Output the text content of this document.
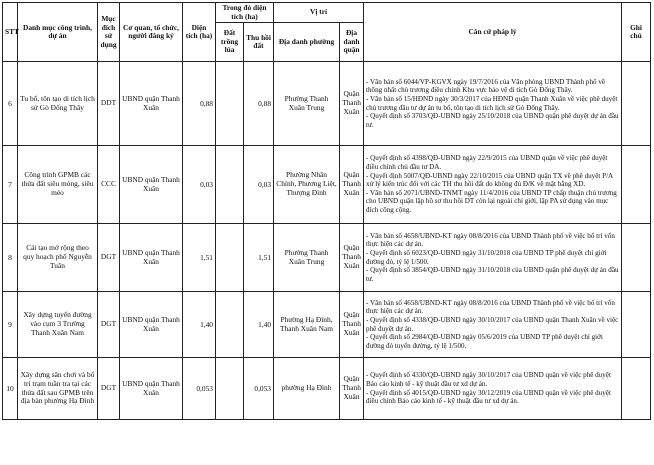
STT	Danh mục công trình, dự án	Mục đích sử dụng	Cơ quan, tổ chức, người đăng ký	Diện tích (ha)	Trong đó diện tích (ha)		Vị trí		Căn cứ pháp lý	Ghi chú
					Đất trồng lúa	Thu hồi đất	Địa danh phường	Địa danh quận		

6	Tu bổ, tôn tạo di tích lịch sử Gò Đống Thây	DDT	UBND quận Thanh Xuân	0,88		0,88	Phường Thanh Xuân Trung	Quận Thanh Xuân	- Văn bản số 6044/VP-KGVX ngày 19/7/2016 của Văn phòng UBND Thành phố về thông nhất chủ trương điều chỉnh Khu vực bảo vệ di tích Gò Đống Thây.
- Văn bản số 15/HĐND ngày 30/3/2017 của HĐND quận Thanh Xuân về việc phê duyệt chủ trương đầu tư dự án tu bổ, tôn tạo di tích lịch sử Gò Đống Thây.
- Quyết định số 3703/QĐ-UBND ngày 25/10/2018 của UBND quận phê duyệt dự án đầu tư.	

7	Công trình GPMB các thửa đất siêu mỏng, siêu méo	CCC	UBND quận Thanh Xuân	0,03		0,03	Phường Nhân Chính, Phương Liệt, Thượng Đình	Quận Thanh Xuân	- Quyết định số 4398/QĐ-UBND ngày 22/9/2015 của UBND quận về việc phê duyệt điều chỉnh chủ đầu tư DA.
- Quyết định 5007/QĐ-UBND ngày 22/10/2015 của UBND quận TX về phê duyệt P/A xử lý kiến trúc đối với các TH thu hồi đất do không đủ Đ/K về mặt bằng XD.
- Văn bản số 2071/UBND-TNMT ngày 11/4/2016 của UBND TP chấp thuận chủ trương cho UBND quận lập hồ sơ thu hồi DT còn lại ngoài chỉ giới, lập PA sử dụng vào mục đích công cộng.	

8	Cải tạo mở rộng theo quy hoạch phố Nguyễn Tuân	DGT	UBND quận Thanh Xuân	1,51		1,51	Phường Thanh Xuân Trung	Quận Thanh Xuân	- Văn bản số 4658/UBND-KT ngày 08/8/2016 của UBND Thành phố về việc bố trí vốn thực hiện các dự án.
- Quyết định số 6023/QĐ-UBND ngày 31/10/2018 của UBND TP phê duyệt chỉ giới đường đỏ, tỷ lệ 1/500.
- Quyết định số 3854/QĐ-UBND ngày 31/10/2018 của UBND quận phê duyệt dự án đầu tư.	

9	Xây dựng tuyến đường vào cụm 3 Trường Thanh Xuân Nam	DGT	UBND quận Thanh Xuân	1,40		1,40	Phường Hạ Đình, Thanh Xuân Nam	Quận Thanh Xuân	- Văn bản số 4658/UBND-KT ngày 08/8/2016 của UBND Thành phố về việc bố trí vốn thực hiện các dự án.
- Quyết định số 4338/QĐ-UBND ngày 30/10/2017 của UBND quận Thanh Xuân về việc phê duyệt dự án.
- Quyết định số 2984/QĐ-UBND ngày 05/6/2019 của UBND TP phê duyệt chỉ giới đường đỏ tuyến đường, tỷ lệ 1/500.	

10	Xây dựng sân chơi và bố trí trạm tuần tra tại các thửa đất sau GPMB trên địa bàn phường Hạ Đình	DGT	UBND quận Thanh Xuân	0,053		0,053	phường Hạ Đình	Quận Thanh Xuân	- Quyết định số 4330/QĐ-UBND ngày 30/10/2017 của UBND quận về việc phê duyệt Báo cáo kinh tế - kỹ thuật đầu tư xd dự án.
- Quyết định số 4015/QĐ-UBND ngày 30/12/2019 của UBND quận về việc phê duyệt điều chỉnh Báo cáo kinh tế - kỹ thuật đầu tư xd dự án.	
